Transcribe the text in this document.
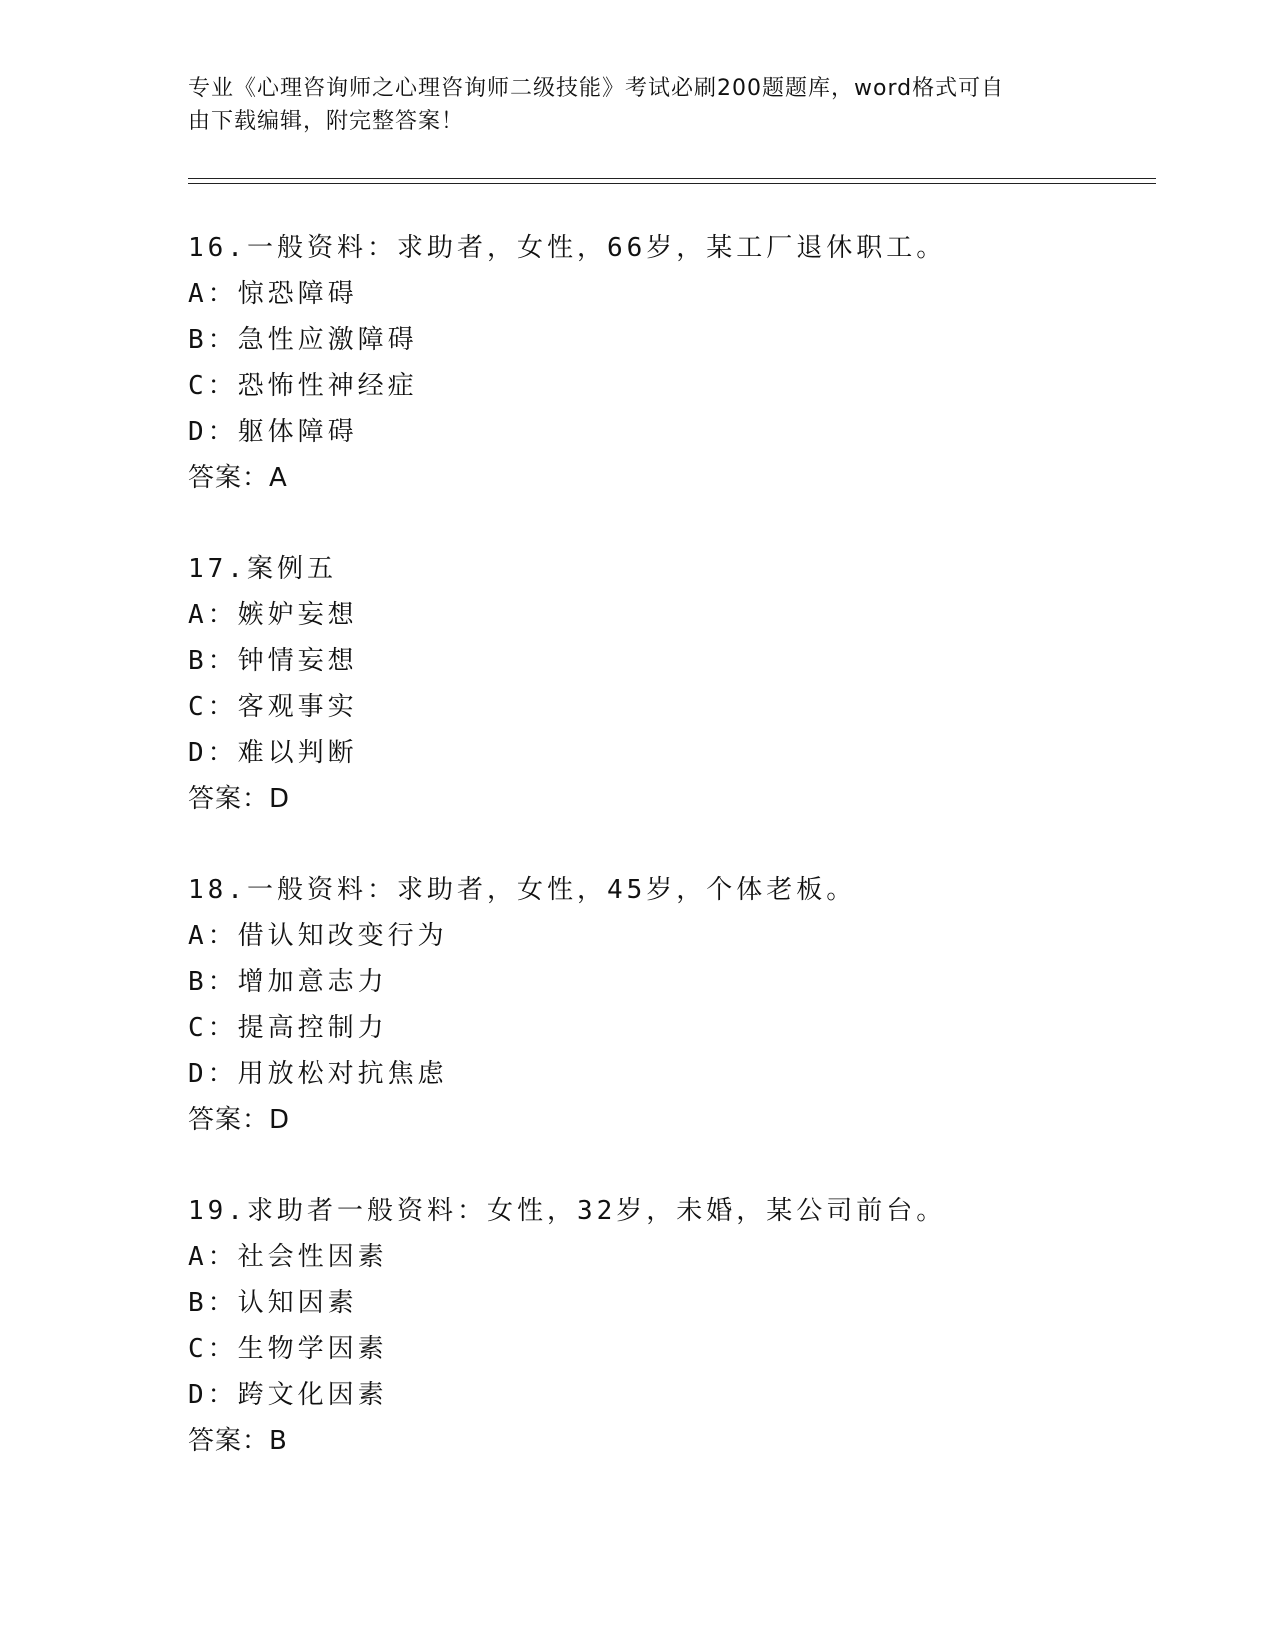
专业《心理咨询师之心理咨询师二级技能》考试必刷200题题库，word格式可自
由下载编辑，附完整答案！
16.一般资料：求助者，女性，66岁，某工厂退休职工。
A：惊恐障碍
B：急性应激障碍
C：恐怖性神经症
D：躯体障碍
答案：A
17.案例五
A：嫉妒妄想
B：钟情妄想
C：客观事实
D：难以判断
答案：D
18.一般资料：求助者，女性，45岁，个体老板。
A：借认知改变行为
B：增加意志力
C：提高控制力
D：用放松对抗焦虑
答案：D
19.求助者一般资料：女性，32岁，未婚，某公司前台。
A：社会性因素
B：认知因素
C：生物学因素
D：跨文化因素
答案：B
